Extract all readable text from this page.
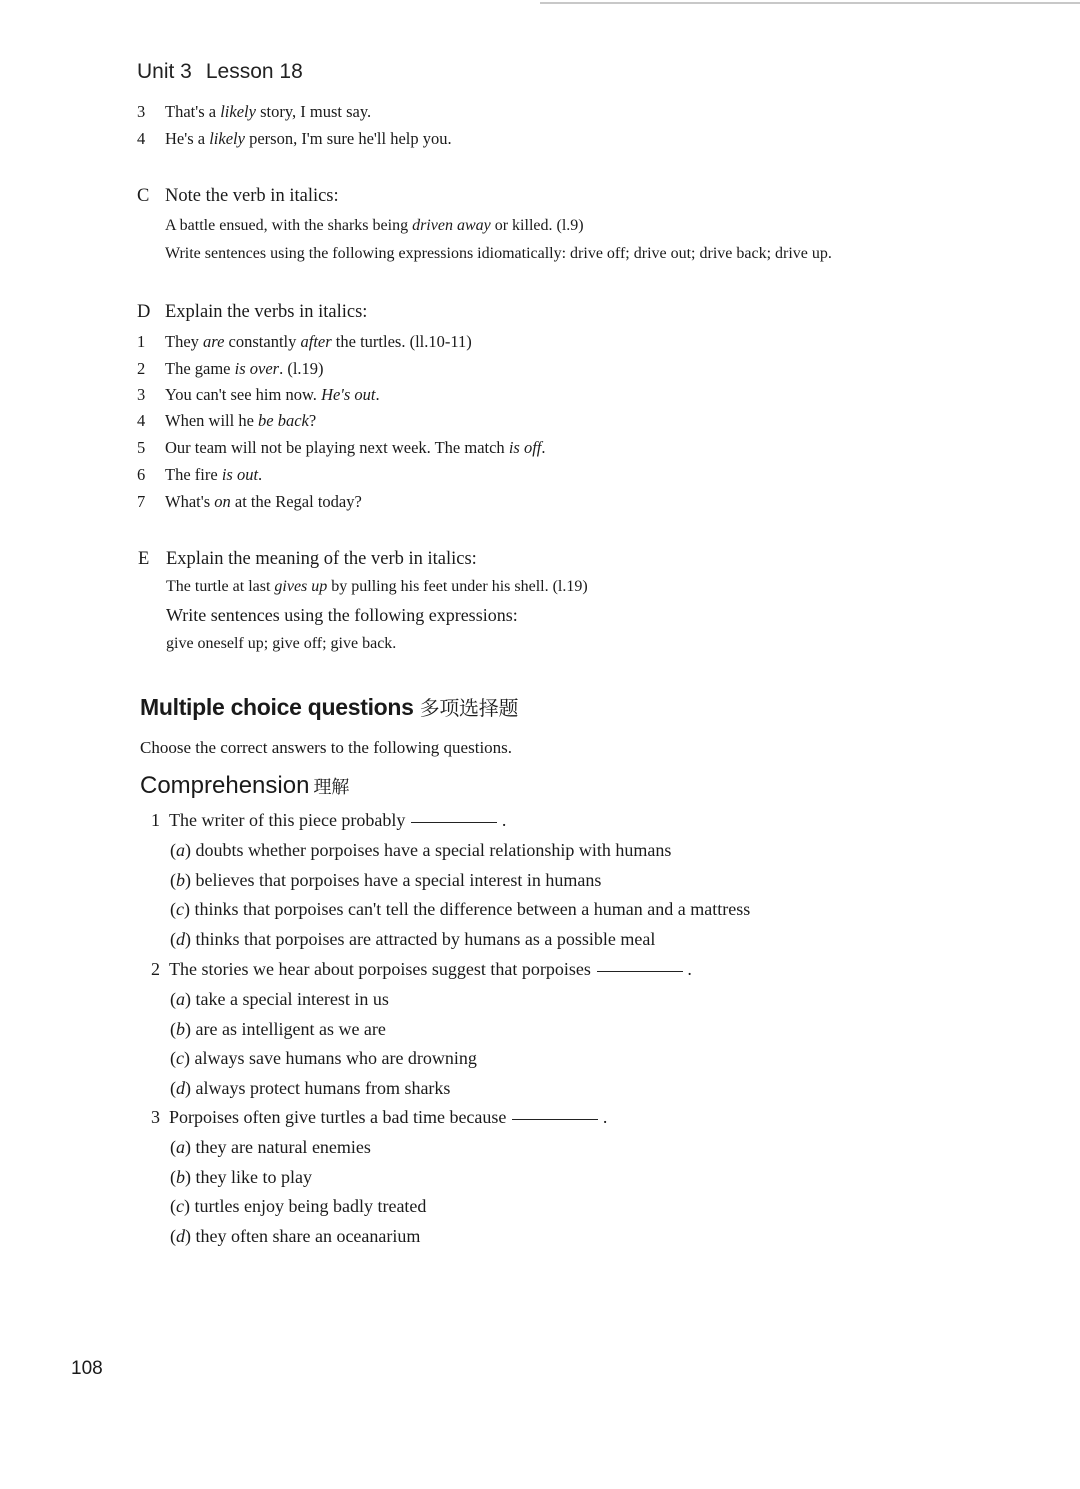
Unit 3 Lesson 18
3 That's a likely story, I must say.
4 He's a likely person, I'm sure he'll help you.
C Note the verb in italics:
A battle ensued, with the sharks being driven away or killed. (l.9)
Write sentences using the following expressions idiomatically: drive off; drive out; drive back; drive up.
D Explain the verbs in italics:
1 They are constantly after the turtles. (ll.10-11)
2 The game is over. (l.19)
3 You can't see him now. He's out.
4 When will he be back?
5 Our team will not be playing next week. The match is off.
6 The fire is out.
7 What's on at the Regal today?
E Explain the meaning of the verb in italics:
The turtle at last gives up by pulling his feet under his shell. (l.19)
Write sentences using the following expressions:
give oneself up; give off; give back.
Multiple choice questions 多项选择题
Choose the correct answers to the following questions.
Comprehension 理解
1 The writer of this piece probably	.
(a) doubts whether porpoises have a special relationship with humans
(b) believes that porpoises have a special interest in humans
(c) thinks that porpoises can't tell the difference between a human and a mattress
(d) thinks that porpoises are attracted by humans as a possible meal
2 The stories we hear about porpoises suggest that porpoises	.
(a) take a special interest in us
(b) are as intelligent as we are
(c) always save humans who are drowning
(d) always protect humans from sharks
3 Porpoises often give turtles a bad time because	.
(a) they are natural enemies
(b) they like to play
(c) turtles enjoy being badly treated
(d) they often share an oceanarium
108
